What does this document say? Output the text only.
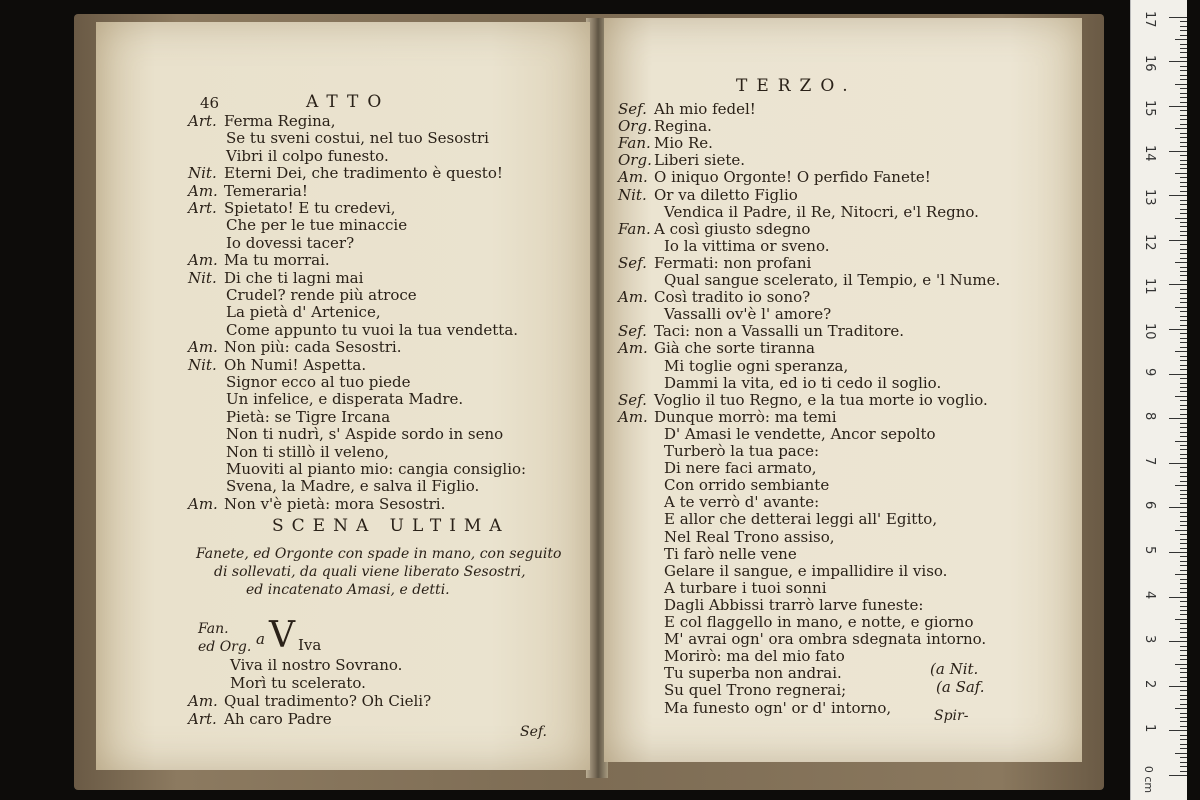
46	ATTO
Art. Ferma Regina,
Se tu sveni costui, nel tuo Sesostri
Vibri il colpo funesto.
Nit. Eterni Dei, che tradimento è questo!
Am. Temeraria!
Art. Spietato! E tu credevi,
Che per le tue minaccie
Io dovessi tacer?
Am. Ma tu morrai.
Nit. Di che ti lagni mai
Crudel? rende più atroce
La pietà d' Artenice,
Come appunto tu vuoi la tua vendetta.
Am. Non più: cada Sesostri.
Nit. Oh Numi! Aspetta.
Signor ecco al tuo piede
Un infelice, e disperata Madre.
Pietà: se Tigre Ircana
Non ti nudrì, s' Aspide sordo in seno
Non ti stillò il veleno,
Muoviti al pianto mio: cangia consiglio:
Svena, la Madre, e salva il Figlio.
Am. Non v'è pietà: mora Sesostri.
SCENA ULTIMA
Fanete, ed Orgonte con spade in mano, con seguito
di sollevati, da quali viene liberato Sesostri,
ed incatenato Amasi, e detti.
Fan.
ed Org. a V Iva
Viva il nostro Sovrano.
Morì tu scelerato.
Am. Qual tradimento? Oh Cieli?
Art. Ah caro Padre
Sef.
TERZO.
Sef. Ah mio fedel!
Org. Regina.
Fan. Mio Re.
Org. Liberi siete.
Am. O iniquo Orgonte! O perfido Fanete!
Nit. Or va diletto Figlio
Vendica il Padre, il Re, Nitocri, e'l Regno.
Fan. A così giusto sdegno
Io la vittima or sveno.
Sef. Fermati: non profani
Qual sangue scelerato, il Tempio, e 'l Nume.
Am. Così tradito io sono?
Vassalli ov'è l' amore?
Sef. Taci: non a Vassalli un Traditore.
Am. Già che sorte tiranna
Mi toglie ogni speranza,
Dammi la vita, ed io ti cedo il soglio.
Sef. Voglio il tuo Regno, e la tua morte io voglio.
Am. Dunque morrò: ma temi
D' Amasi le vendette, Ancor sepolto
Turberò la tua pace:
Di nere faci armato,
Con orrido sembiante
A te verrò d' avante:
E allor che detterai leggi all' Egitto,
Nel Real Trono assiso,
Ti farò nelle vene
Gelare il sangue, e impallidire il viso.
A turbare i tuoi sonni
Dagli Abbissi trarrò larve funeste:
E col flaggello in mano, e notte, e giorno
M' avrai ogn' ora ombra sdegnata intorno.
Morirò: ma del mio fato
Tu superba non andrai.
Su quel Trono regnerai;
Ma funesto ogn' or d' intorno,
(a Nit.
(a Saf.
Spir-
0 cm
1
2
3
4
5
6
7
8
9
10
11
12
13
14
15
16
17
